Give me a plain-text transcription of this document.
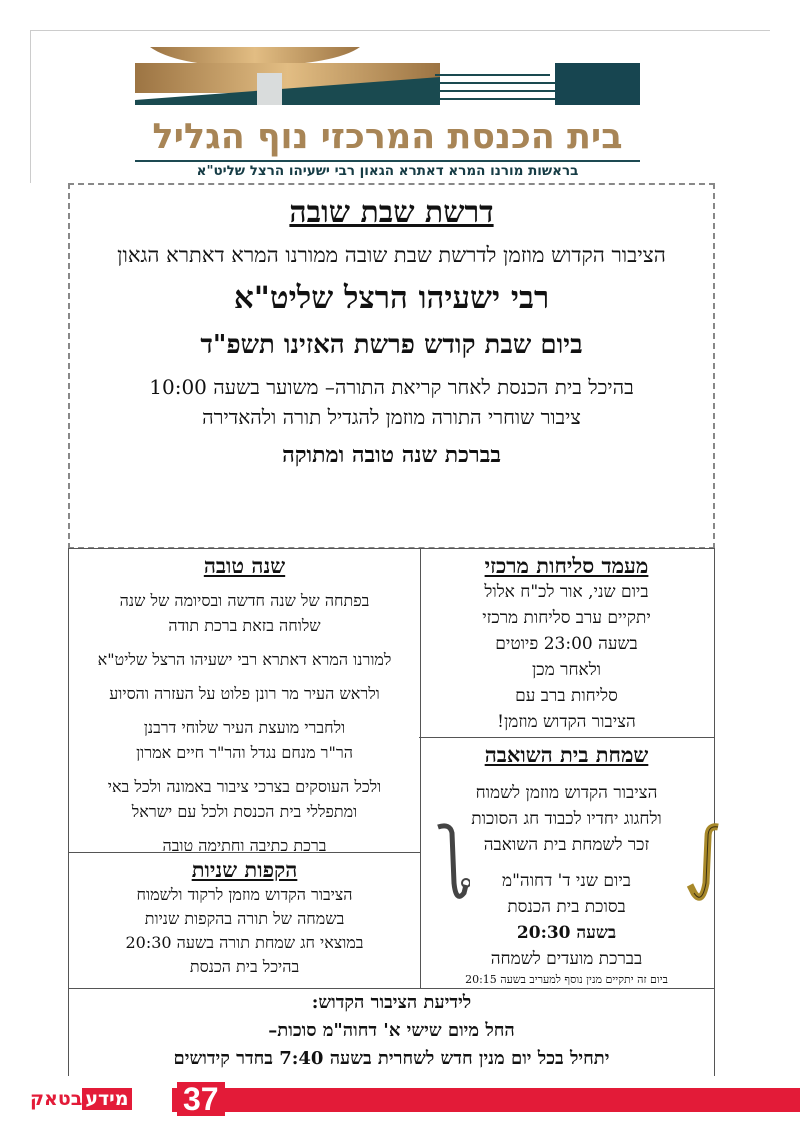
בית הכנסת המרכזי נוף הגליל
בראשות מורנו המרא דאתרא הגאון רבי ישעיהו הרצל שליט"א
דרשת שבת שובה
הציבור הקדוש מוזמן לדרשת שבת שובה ממורנו המרא דאתרא הגאון
רבי ישעיהו הרצל שליט"א
ביום שבת קודש פרשת האזינו תשפ"ד
בהיכל בית הכנסת לאחר קריאת התורה– משוער בשעה 10:00
ציבור שוחרי התורה מוזמן להגדיל תורה ולהאדירה
בברכת שנה טובה ומתוקה
מעמד סליחות מרכזי

ביום שני, אור לכ"ח אלול

יתקיים ערב סליחות מרכזי

בשעה 23:00 פיוטים

ולאחר מכן

סליחות ברב עם

הציבור הקדוש מוזמן!

שמחת בית השואבה

הציבור הקדוש מוזמן לשמוח

ולחגוג יחדיו לכבוד חג הסוכות

זכר לשמחת בית השואבה

ביום שני ד' דחוה"מ

בסוכת בית הכנסת

בשעה 20:30

בברכת מועדים לשמחה

ביום זה יתקיים מנין נוסף למעריב בשעה 20:15

שנה טובה

בפתחה של שנה חדשה ובסיומה של שנה

שלוחה בזאת ברכת תודה

למורנו המרא דאתרא רבי ישעיהו הרצל שליט"א

ולראש העיר מר רונן פלוט על העזרה והסיוע

ולחברי מועצת העיר שלוחי דרבנן

הר"ר מנחם נגדל והר"ר חיים אמרון

ולכל העוסקים בצרכי ציבור באמונה ולכל באי

ומתפללי בית הכנסת ולכל עם ישראל

ברכת כתיבה וחתימה טובה

הקפות שניות

הציבור הקדוש מוזמן לרקוד ולשמוח

בשמחה של תורה בהקפות שניות

במוצאי חג שמחת תורה בשעה 20:30

בהיכל בית הכנסת

לידיעת הציבור הקדוש:

החל מיום שישי א' דחוה"מ סוכות–

יתחיל בכל יום מנין חדש לשחרית בשעה 7:40 בחדר קידושים

37
מידעבטאק
